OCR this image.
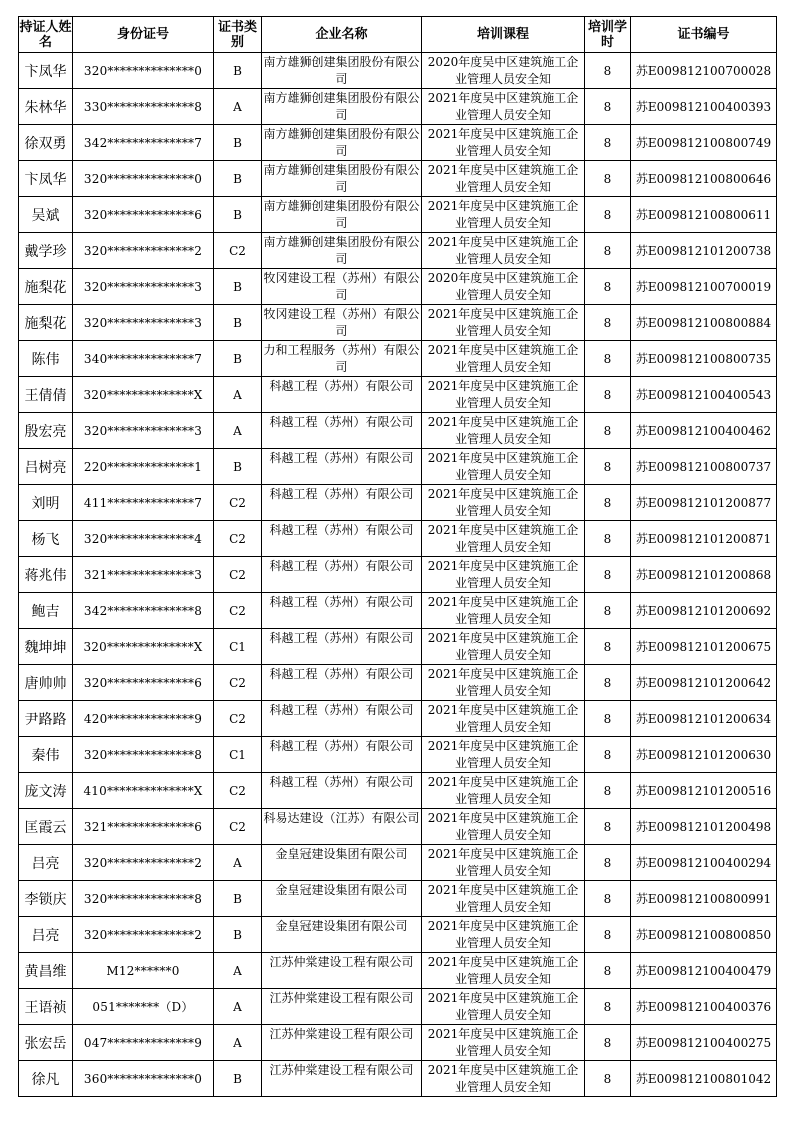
持证人姓名	身份证号	证书类别	企业名称	培训课程	培训学时	证书编号
卞凤华	320**************0	B	南方雄狮创建集团股份有限公司	2020年度吴中区建筑施工企业管理人员安全知	8	苏E009812100700028
朱林华	330**************8	A	南方雄狮创建集团股份有限公司	2021年度吴中区建筑施工企业管理人员安全知	8	苏E009812100400393
徐双勇	342**************7	B	南方雄狮创建集团股份有限公司	2021年度吴中区建筑施工企业管理人员安全知	8	苏E009812100800749
卞凤华	320**************0	B	南方雄狮创建集团股份有限公司	2021年度吴中区建筑施工企业管理人员安全知	8	苏E009812100800646
吴斌	320**************6	B	南方雄狮创建集团股份有限公司	2021年度吴中区建筑施工企业管理人员安全知	8	苏E009812100800611
戴学珍	320**************2	C2	南方雄狮创建集团股份有限公司	2021年度吴中区建筑施工企业管理人员安全知	8	苏E009812101200738
施梨花	320**************3	B	牧冈建设工程（苏州）有限公司	2020年度吴中区建筑施工企业管理人员安全知	8	苏E009812100700019
施梨花	320**************3	B	牧冈建设工程（苏州）有限公司	2021年度吴中区建筑施工企业管理人员安全知	8	苏E009812100800884
陈伟	340**************7	B	力和工程服务（苏州）有限公司	2021年度吴中区建筑施工企业管理人员安全知	8	苏E009812100800735
王倩倩	320**************X	A	科越工程（苏州）有限公司	2021年度吴中区建筑施工企业管理人员安全知	8	苏E009812100400543
殷宏亮	320**************3	A	科越工程（苏州）有限公司	2021年度吴中区建筑施工企业管理人员安全知	8	苏E009812100400462
吕树亮	220**************1	B	科越工程（苏州）有限公司	2021年度吴中区建筑施工企业管理人员安全知	8	苏E009812100800737
刘明	411**************7	C2	科越工程（苏州）有限公司	2021年度吴中区建筑施工企业管理人员安全知	8	苏E009812101200877
杨飞	320**************4	C2	科越工程（苏州）有限公司	2021年度吴中区建筑施工企业管理人员安全知	8	苏E009812101200871
蒋兆伟	321**************3	C2	科越工程（苏州）有限公司	2021年度吴中区建筑施工企业管理人员安全知	8	苏E009812101200868
鲍吉	342**************8	C2	科越工程（苏州）有限公司	2021年度吴中区建筑施工企业管理人员安全知	8	苏E009812101200692
魏坤坤	320**************X	C1	科越工程（苏州）有限公司	2021年度吴中区建筑施工企业管理人员安全知	8	苏E009812101200675
唐帅帅	320**************6	C2	科越工程（苏州）有限公司	2021年度吴中区建筑施工企业管理人员安全知	8	苏E009812101200642
尹路路	420**************9	C2	科越工程（苏州）有限公司	2021年度吴中区建筑施工企业管理人员安全知	8	苏E009812101200634
秦伟	320**************8	C1	科越工程（苏州）有限公司	2021年度吴中区建筑施工企业管理人员安全知	8	苏E009812101200630
庞文涛	410**************X	C2	科越工程（苏州）有限公司	2021年度吴中区建筑施工企业管理人员安全知	8	苏E009812101200516
匡霞云	321**************6	C2	科易达建设（江苏）有限公司	2021年度吴中区建筑施工企业管理人员安全知	8	苏E009812101200498
吕亮	320**************2	A	金皇冠建设集团有限公司	2021年度吴中区建筑施工企业管理人员安全知	8	苏E009812100400294
李锁庆	320**************8	B	金皇冠建设集团有限公司	2021年度吴中区建筑施工企业管理人员安全知	8	苏E009812100800991
吕亮	320**************2	B	金皇冠建设集团有限公司	2021年度吴中区建筑施工企业管理人员安全知	8	苏E009812100800850
黄昌维	M12******0	A	江苏仲棠建设工程有限公司	2021年度吴中区建筑施工企业管理人员安全知	8	苏E009812100400479
王语祯	051*******（D）	A	江苏仲棠建设工程有限公司	2021年度吴中区建筑施工企业管理人员安全知	8	苏E009812100400376
张宏岳	047**************9	A	江苏仲棠建设工程有限公司	2021年度吴中区建筑施工企业管理人员安全知	8	苏E009812100400275
徐凡	360**************0	B	江苏仲棠建设工程有限公司	2021年度吴中区建筑施工企业管理人员安全知	8	苏E009812100801042
